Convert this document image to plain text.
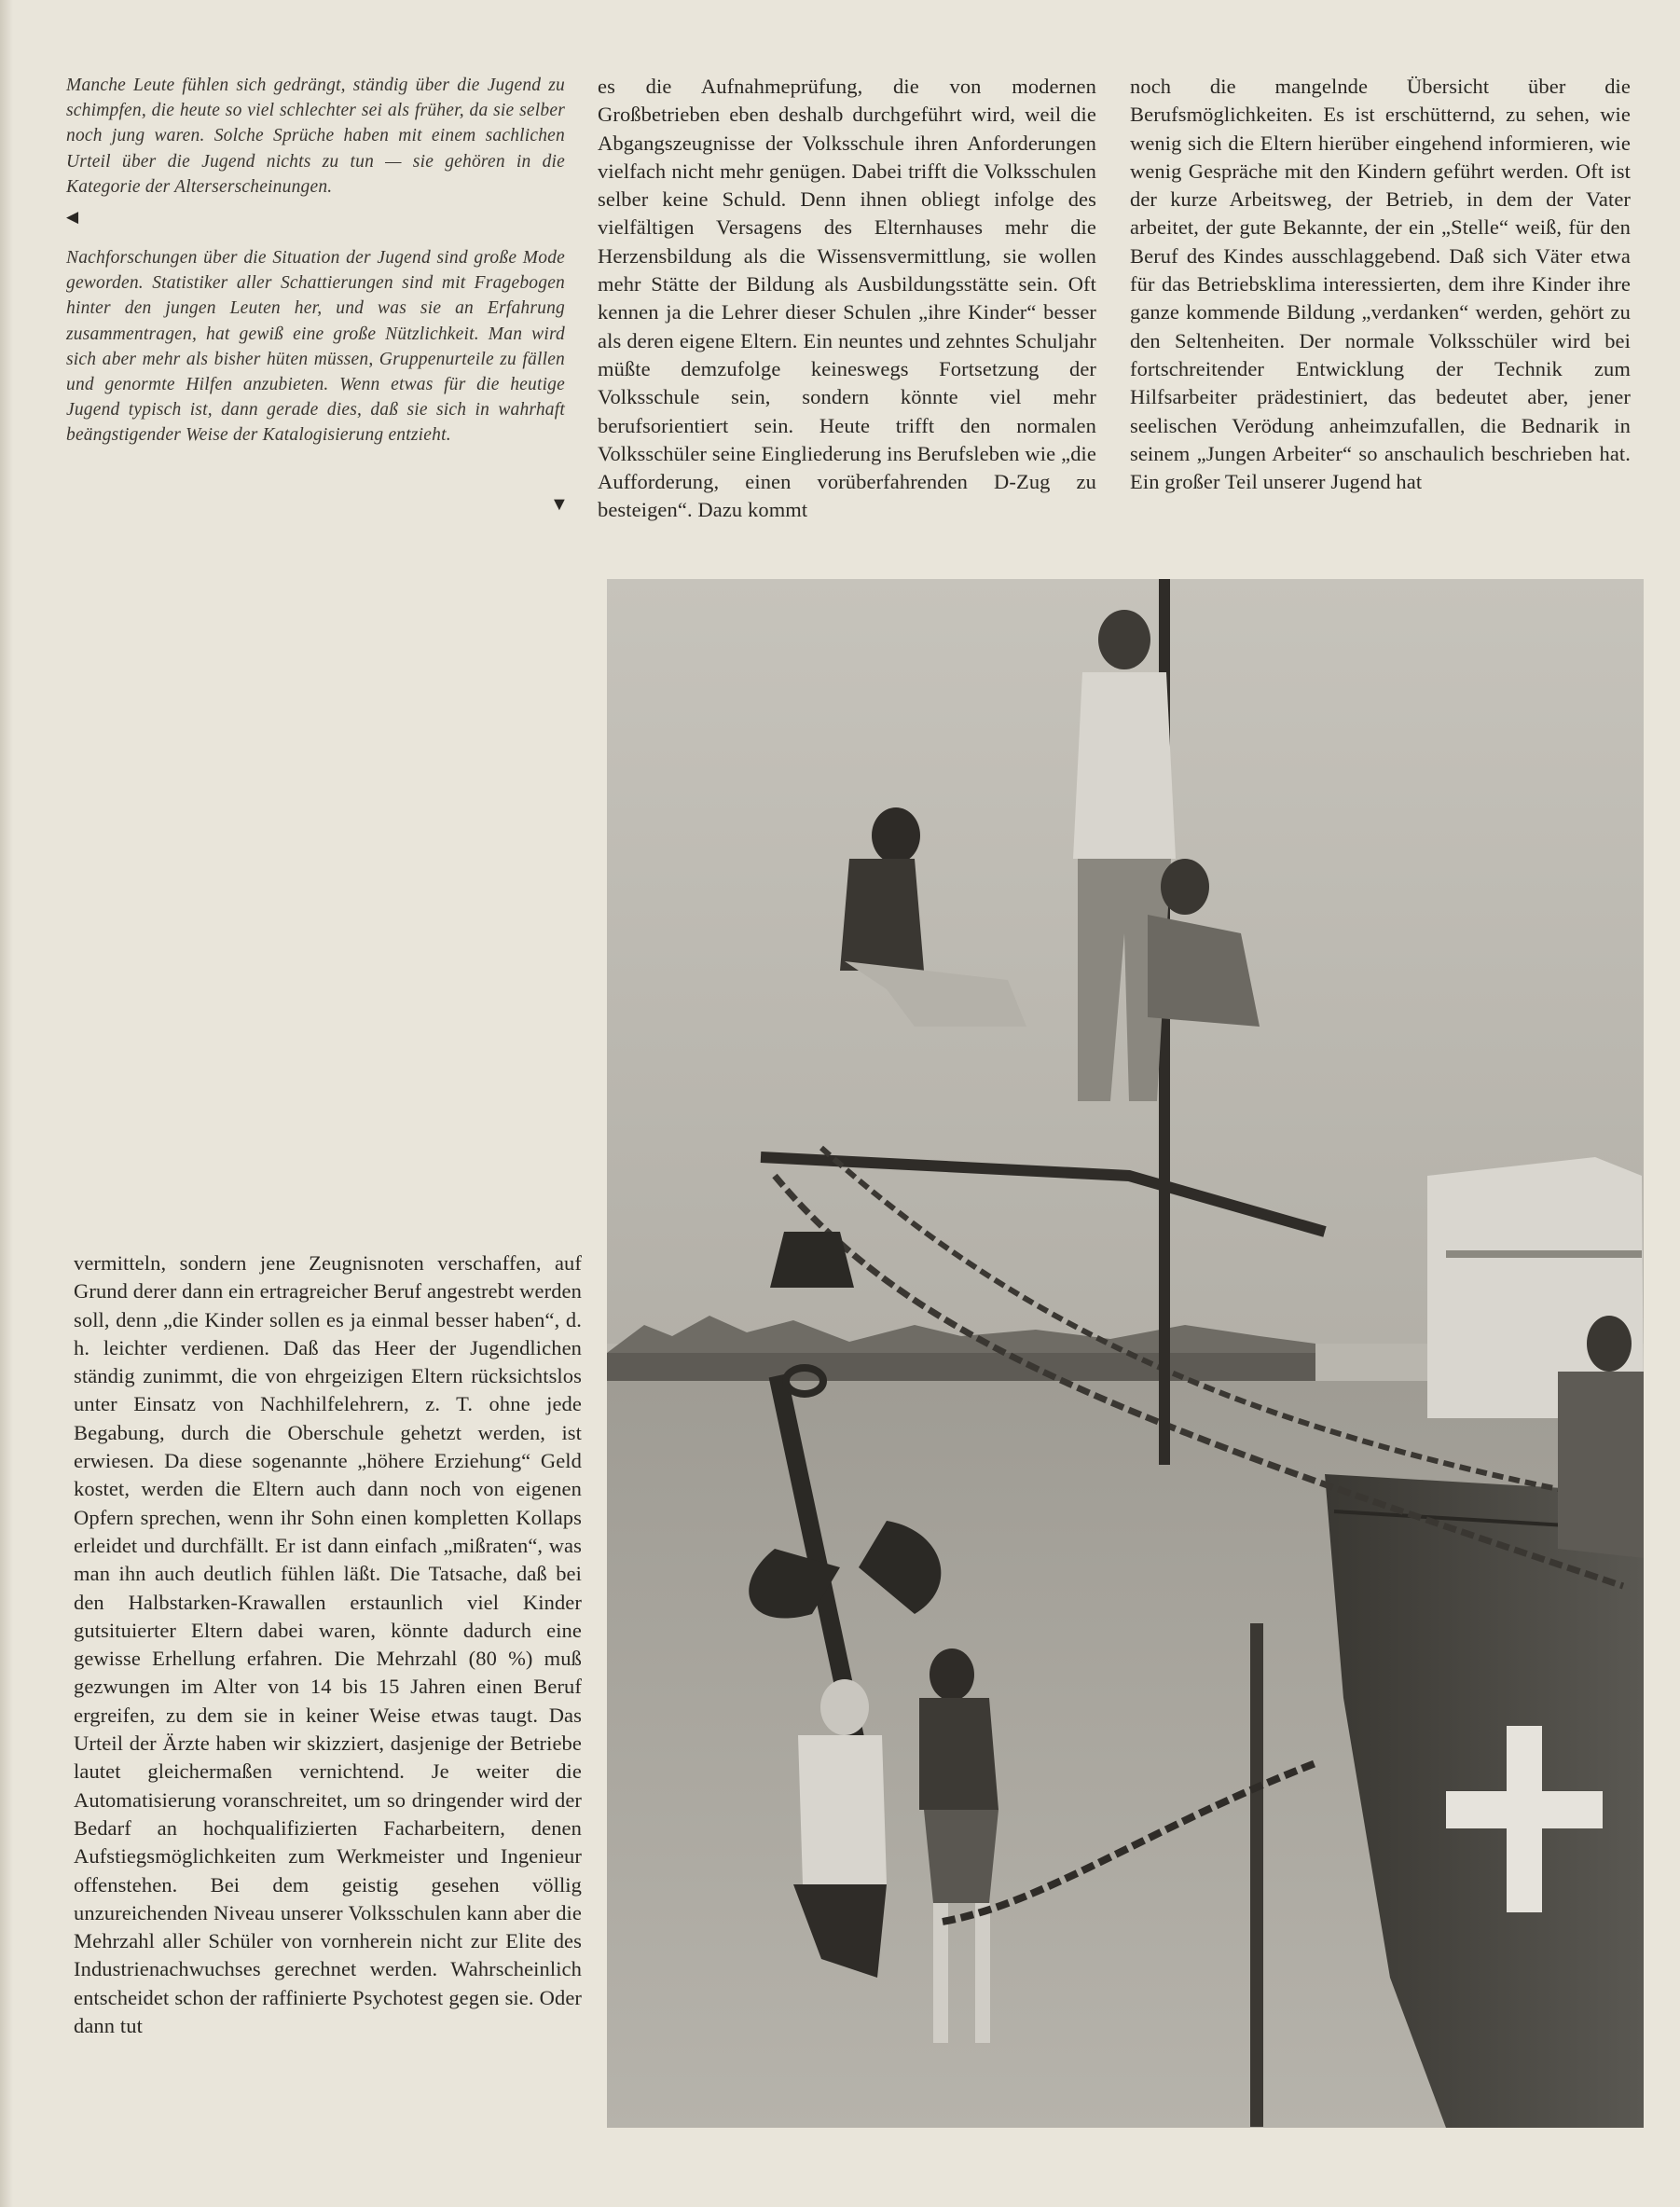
Manche Leute fühlen sich gedrängt, ständig über die Jugend zu schimpfen, die heute so viel schlechter sei als früher, da sie selber noch jung waren. Solche Sprüche haben mit einem sachlichen Urteil über die Jugend nichts zu tun — sie gehören in die Kategorie der Alterserscheinungen.

◀

Nachforschungen über die Situation der Jugend sind große Mode geworden. Statistiker aller Schattierungen sind mit Fragebogen hinter den jungen Leuten her, und was sie an Erfahrung zusammentragen, hat gewiß eine große Nützlichkeit. Man wird sich aber mehr als bisher hüten müssen, Gruppenurteile zu fällen und genormte Hilfen anzubieten. Wenn etwas für die heutige Jugend typisch ist, dann gerade dies, daß sie sich in wahrhaft beängstigender Weise der Katalogisierung entzieht.

▼

es die Aufnahmeprüfung, die von modernen Großbetrieben eben deshalb durchgeführt wird, weil die Abgangszeugnisse der Volksschule ihren Anforderungen vielfach nicht mehr genügen. Dabei trifft die Volksschulen selber keine Schuld. Denn ihnen obliegt infolge des vielfältigen Versagens des Elternhauses mehr die Herzensbildung als die Wissensvermittlung, sie wollen mehr Stätte der Bildung als Ausbildungsstätte sein. Oft kennen ja die Lehrer dieser Schulen „ihre Kinder“ besser als deren eigene Eltern. Ein neuntes und zehntes Schuljahr müßte demzufolge keineswegs Fortsetzung der Volksschule sein, sondern könnte viel mehr berufsorientiert sein. Heute trifft den normalen Volksschüler seine Eingliederung ins Berufsleben wie „die Aufforderung, einen vorüberfahrenden D-Zug zu besteigen“. Dazu kommt

noch die mangelnde Übersicht über die Berufsmöglichkeiten. Es ist erschütternd, zu sehen, wie wenig sich die Eltern hierüber eingehend informieren, wie wenig Gespräche mit den Kindern geführt werden. Oft ist der kurze Arbeitsweg, der Betrieb, in dem der Vater arbeitet, der gute Bekannte, der ein „Stelle“ weiß, für den Beruf des Kindes ausschlaggebend. Daß sich Väter etwa für das Betriebsklima interessierten, dem ihre Kinder ihre ganze kommende Bildung „verdanken“ werden, gehört zu den Seltenheiten. Der normale Volksschüler wird bei fortschreitender Entwicklung der Technik zum Hilfsarbeiter prädestiniert, das bedeutet aber, jener seelischen Verödung anheimzufallen, die Bednarik in seinem „Jungen Arbeiter“ so anschaulich beschrieben hat. Ein großer Teil unserer Jugend hat

vermitteln, sondern jene Zeugnisnoten verschaffen, auf Grund derer dann ein ertragreicher Beruf angestrebt werden soll, denn „die Kinder sollen es ja einmal besser haben“, d. h. leichter verdienen. Daß das Heer der Jugendlichen ständig zunimmt, die von ehrgeizigen Eltern rücksichtslos unter Einsatz von Nachhilfelehrern, z. T. ohne jede Begabung, durch die Oberschule gehetzt werden, ist erwiesen. Da diese sogenannte „höhere Erziehung“ Geld kostet, werden die Eltern auch dann noch von eigenen Opfern sprechen, wenn ihr Sohn einen kompletten Kollaps erleidet und durchfällt. Er ist dann einfach „mißraten“, was man ihn auch deutlich fühlen läßt. Die Tatsache, daß bei den Halbstarken-Krawallen erstaunlich viel Kinder gutsituierter Eltern dabei waren, könnte dadurch eine gewisse Erhellung erfahren. Die Mehrzahl (80 %) muß gezwungen im Alter von 14 bis 15 Jahren einen Beruf ergreifen, zu dem sie in keiner Weise etwas taugt. Das Urteil der Ärzte haben wir skizziert, dasjenige der Betriebe lautet gleichermaßen vernichtend. Je weiter die Automatisierung voranschreitet, um so dringender wird der Bedarf an hochqualifizierten Facharbeitern, denen Aufstiegsmöglichkeiten zum Werkmeister und Ingenieur offenstehen. Bei dem geistig gesehen völlig unzureichenden Niveau unserer Volksschulen kann aber die Mehrzahl aller Schüler von vornherein nicht zur Elite des Industrienachwuchses gerechnet werden. Wahrscheinlich entscheidet schon der raffinierte Psychotest gegen sie. Oder dann tut
